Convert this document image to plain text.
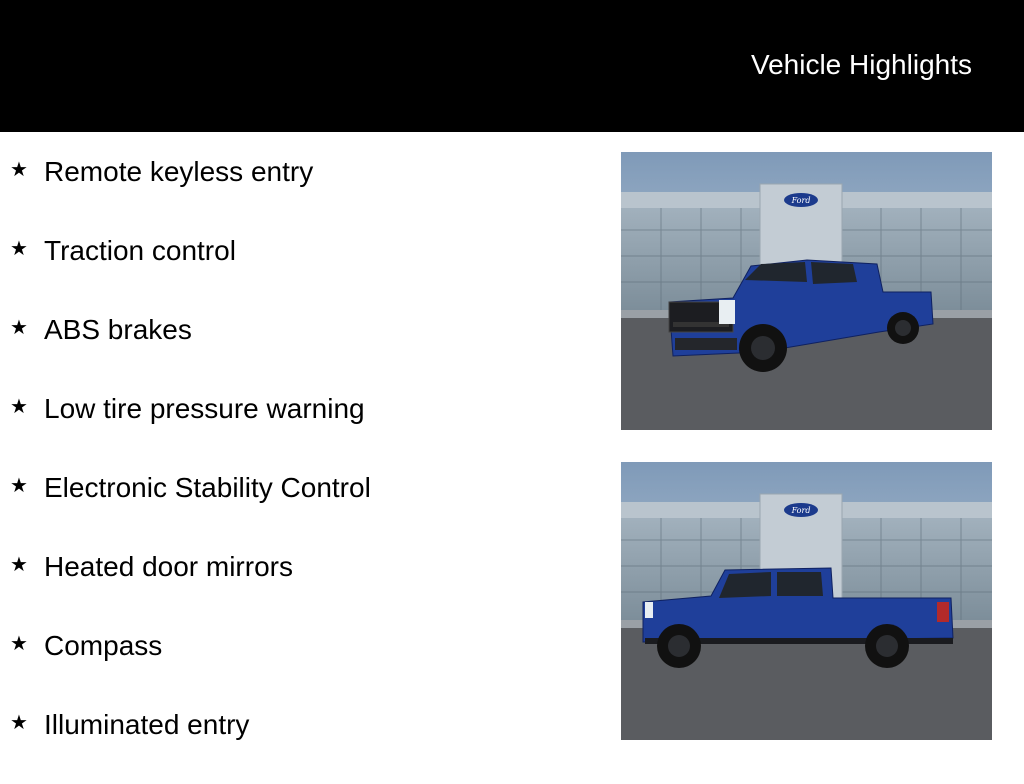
Vehicle Highlights
★ Remote keyless entry
★ Traction control
★ ABS brakes
★ Low tire pressure warning
★ Electronic Stability Control
★ Heated door mirrors
★ Compass
★ Illuminated entry
Ford
Ford
